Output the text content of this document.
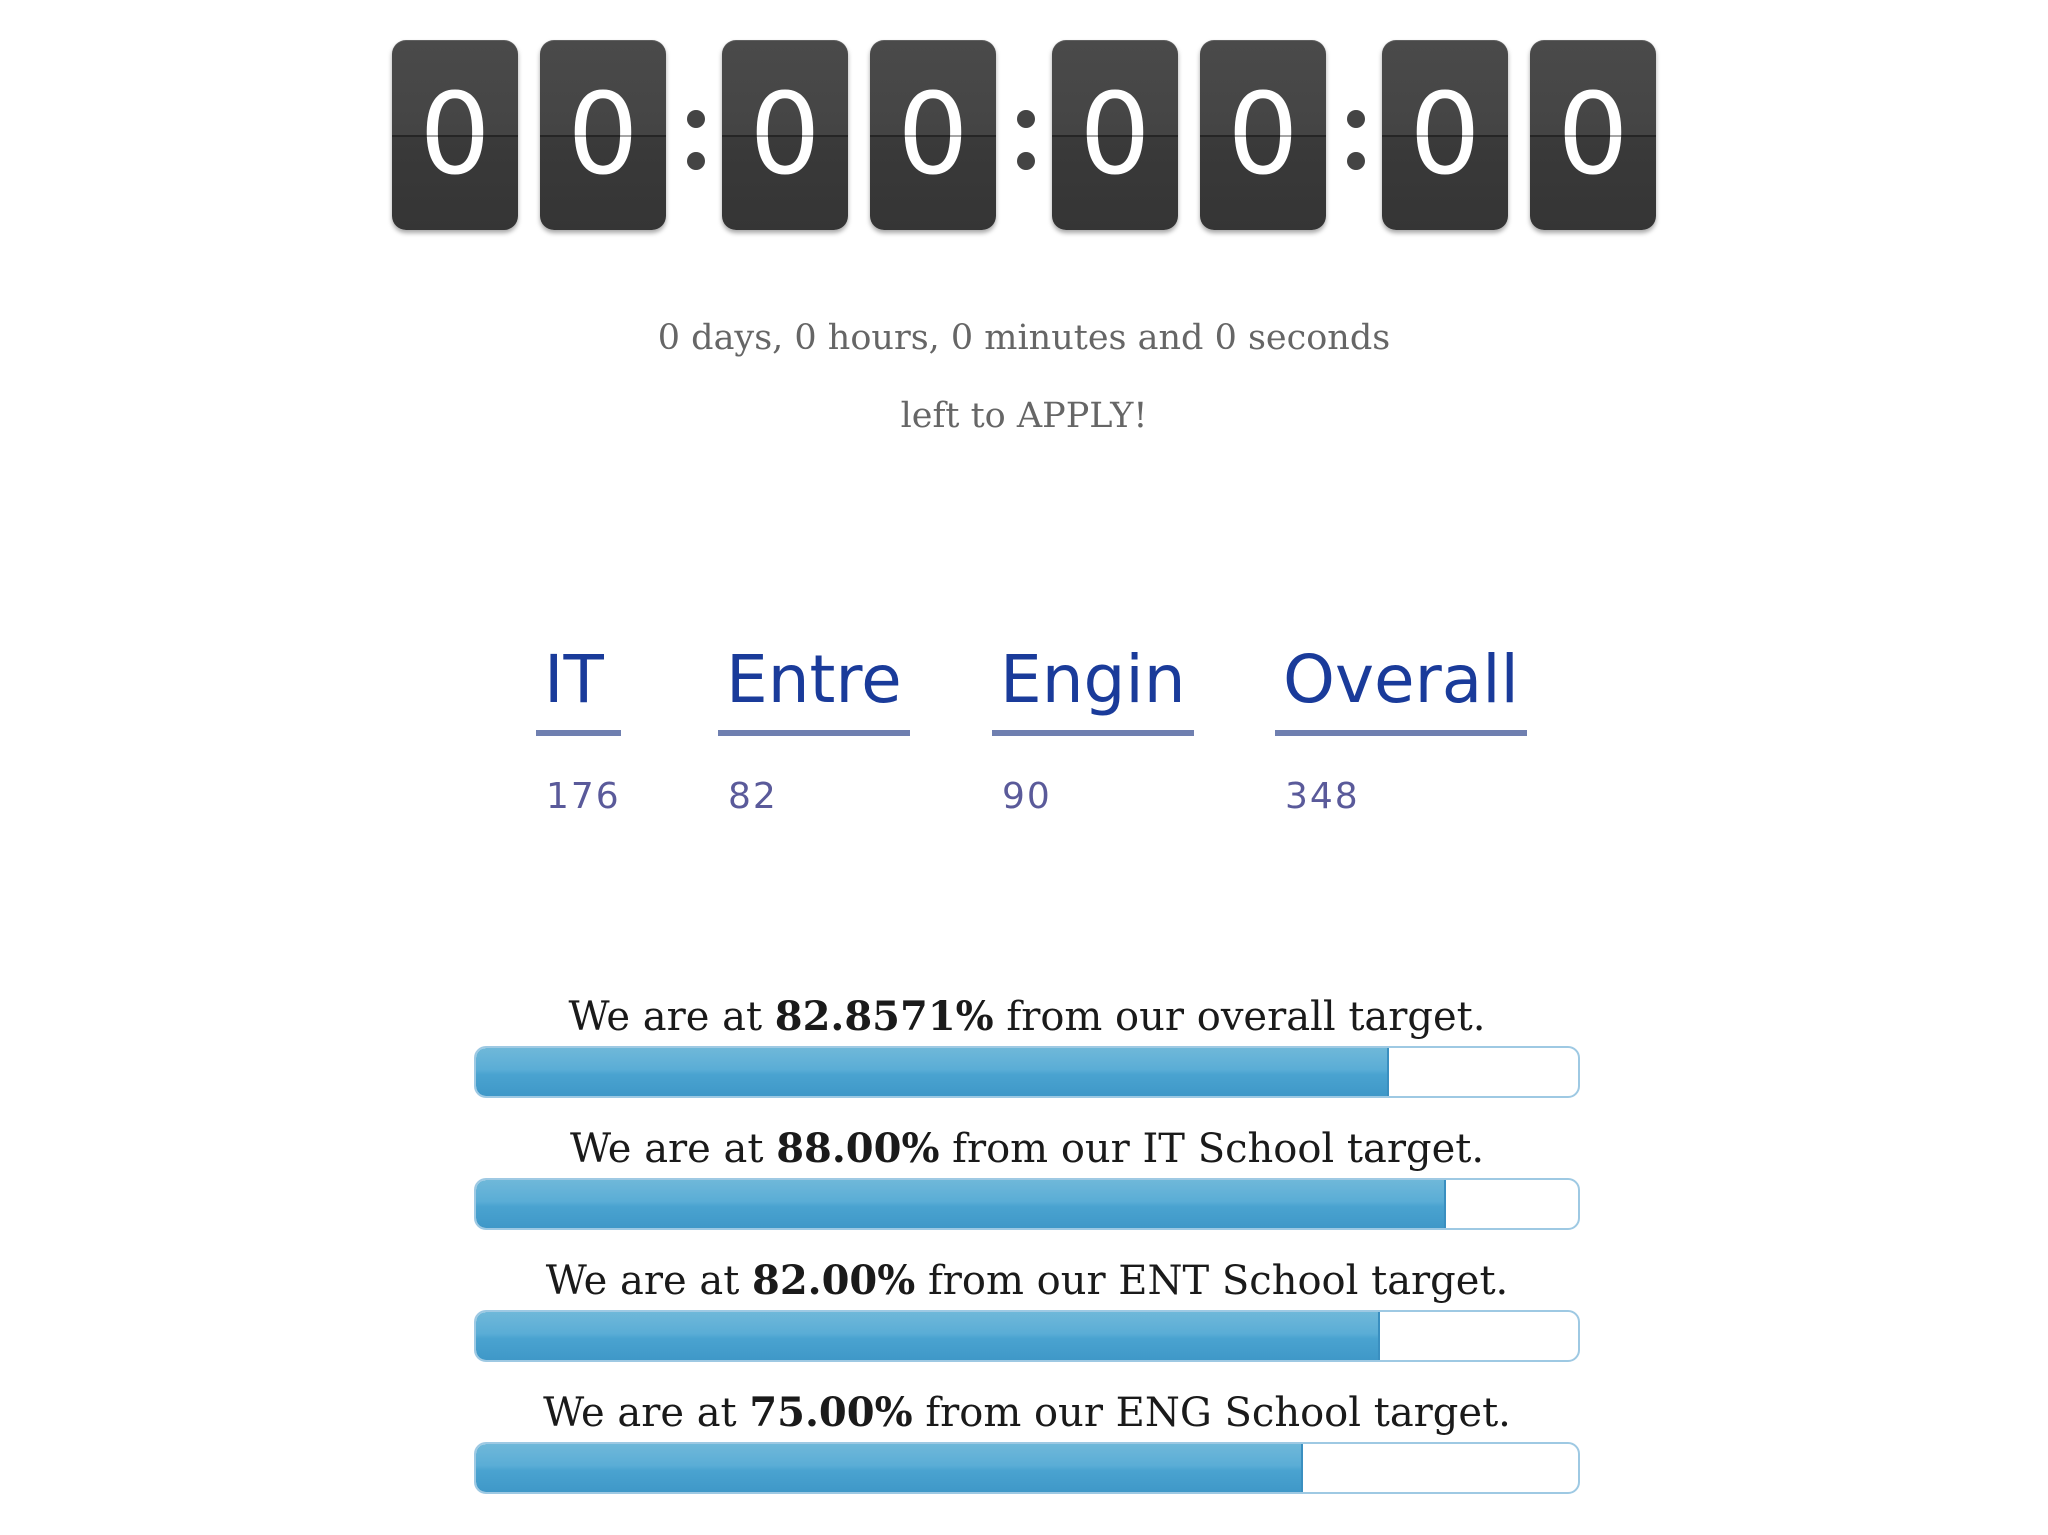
0 0 0 0 0 0 0 0
0 days, 0 hours, 0 minutes and 0 seconds
left to APPLY!
IT
176
Entre
82
Engin
90
Overall
348
We are at 82.8571% from our overall target.
We are at 88.00% from our IT School target.
We are at 82.00% from our ENT School target.
We are at 75.00% from our ENG School target.
